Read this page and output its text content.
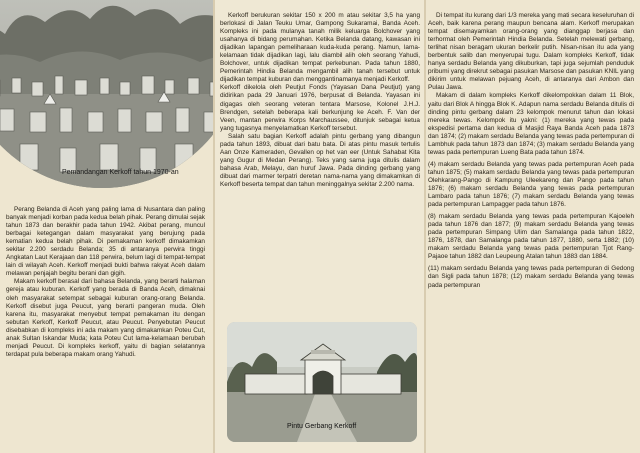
Pemandangan Kerkoff tahun 1970-an

Perang Belanda di Aceh yang paling lama di Nusantara dan paling banyak menjadi korban pada kedua belah pihak. Perang dimulai sejak tahun 1873 dan berakhir pada tahun 1942. Akibat perang, muncul berbagai ketegangan dalam masyarakat yang berujung pada kematian kedua belah pihak. Di pemakaman kerkoff dimakamkan sekitar 2.200 serdadu Belanda; 35 di antaranya perwira tinggi Angkatan Laut Kerajaan dan 118 perwira, belum lagi di tempat-tempat lain di wilayah Aceh. Kerkoff menjadi bukti bahwa rakyat Aceh dalam melawan penjajah begitu berani dan gigih.

Makam kerkoff berasal dari bahasa Belanda, yang berarti halaman gereja atau kuburan. Kerkoff yang berada di Banda Aceh, dimaknai oleh masyarakat setempat sebagai kuburan orang-orang Belanda. Kerkoff disebut juga Peucut, yang berarti pangeran muda. Oleh karena itu, masyarakat menyebut tempat pemakaman itu dengan sebutan Kerkoff, Kerkoff Peucut, atau Peucut. Penyebutan Peucut disebabkan di kompleks ini ada makam yang dimakamkan Poteu Cut, anak Sultan Iskandar Muda; kata Poteu Cut lama-kelamaan berubah menjadi Peucut. Di kompleks kerkoff, yaitu di bagian selatannya terdapat pula beberapa makam orang Yahudi.

Kerkoff berukuran sekitar 150 x 200 m atau sekitar 3,5 ha yang berlokasi di Jalan Teuku Umar, Gampong Sukaramai, Banda Aceh. Kompleks ini pada mulanya tanah milik keluarga Bolchover yang usahanya di bidang perumahan. Ketika Belanda datang, kawasan ini dijadikan lapangan pemeliharaan kuda-kuda perang. Namun, lama-kelamaan tidak dijadikan lagi, lalu diambil alih oleh seorang Yahudi, Bolchover, untuk dijadikan tempat perkebunan. Pada tahun 1880, Pemerintah Hindia Belanda mengambil alih tanah tersebut untuk dijadikan tempat kuburan dan menggantinamanya menjadi Kerkoff.

Kerkoff dikelola oleh Peutjut Fonds (Yayasan Dana Peutjut) yang didirikan pada 29 Januari 1976, berpusat di Belanda. Yayasan ini digagas oleh seorang veteran tentara Marsose, Kolonel J.H.J. Brendgen, setelah beberapa kali berkunjung ke Aceh. F. Van der Veen, mantan perwira Korps Marchaussee, ditunjuk sebagai ketua yang tugasnya menyelamatkan Kerkoff tersebut.

Salah satu bagian Kerkoff adalah pintu gerbang yang dibangun pada tahun 1893, dibuat dari batu bata. Di atas pintu masuk tertulis Aan Onze Kameraden, Gevallen op het van eer (Untuk Sahabat Kita yang Gugur di Medan Perang). Teks yang sama juga ditulis dalam bahasa Arab, Melayu, dan huruf Jawa. Pada dinding gerbang yang dibuat dari marmer terpatri deretan nama-nama yang dimakamkan di Kerkoff beserta tempat dan tahun meninggalnya sekitar 2.200 nama.

Pintu Gerbang Kerkoff

Di tempat itu kurang dari 1/3 mereka yang mati secara keseluruhan di Aceh, baik karena perang maupun bencana alam. Kerkoff merupakan tempat disemayamkan orang-orang yang dianggap berjasa dan terhormat oleh Pemerintah Hindia Belanda. Setelah melewati gerbang, terlihat nisan beragam ukuran berkelir putih. Nisan-nisan itu ada yang berbentuk salib dan menyerupai tugu. Dalam kompleks Kerkoff, tidak hanya serdadu Belanda yang dikuburkan, tapi juga sejumlah penduduk pribumi yang direkrut sebagai pasukan Marsose dan pasukan KNIL yang dikirim untuk melawan pejuang Aceh, di antaranya dari Ambon dan Pulau Jawa.

Makam di dalam kompleks Kerkoff dikelompokkan dalam 11 Blok, yaitu dari Blok A hingga Blok K. Adapun nama serdadu Belanda ditulis di dinding pintu gerbang dalam 23 kelompok menurut tahun dan lokasi mereka tewas. Kelompok itu yakni: (1) mereka yang tewas pada ekspedisi pertama dan kedua di Masjid Raya Banda Aceh pada 1873 dan 1874; (2) makam serdadu Belanda yang tewas pada pertempuran di Lambhuk pada tahun 1873 dan 1874; (3) makam serdadu Belanda yang tewas pada pertempuran Lueng Bata pada tahun 1874.

(4) makam serdadu Belanda yang tewas pada pertempuran Aceh pada tahun 1875; (5) makam serdadu Belanda yang tewas pada pertempuran Olehkarang-Pango di Kampung Uleekareng dan Pango pada tahun 1876; (6) makam serdadu Belanda yang tewas pada pertempuran Lambaro pada tahun 1876; (7) makam serdadu Belanda yang tewas pada pertempuran Lampagger pada tahun 1876.

(8) makam serdadu Belanda yang tewas pada pertempuran Kajoeleh pada tahun 1876 dan 1877; (9) makam serdadu Belanda yang tewas pada pertempuran Simpang Ulim dan Samalanga pada tahun 1822, 1876, 1878, dan Samalanga pada tahun 1877, 1880, serta 1882; (10) makam serdadu Belanda yang tewas pada pertempuran Tjot Rang-Pajaoe tahun 1882 dan Leupeung Atalan tahun 1883 dan 1884.

(11) makam serdadu Belanda yang tewas pada pertempuran di Gedong dan Sigli pada tahun 1878; (12) makam serdadu Belanda yang tewas pada pertempuran
